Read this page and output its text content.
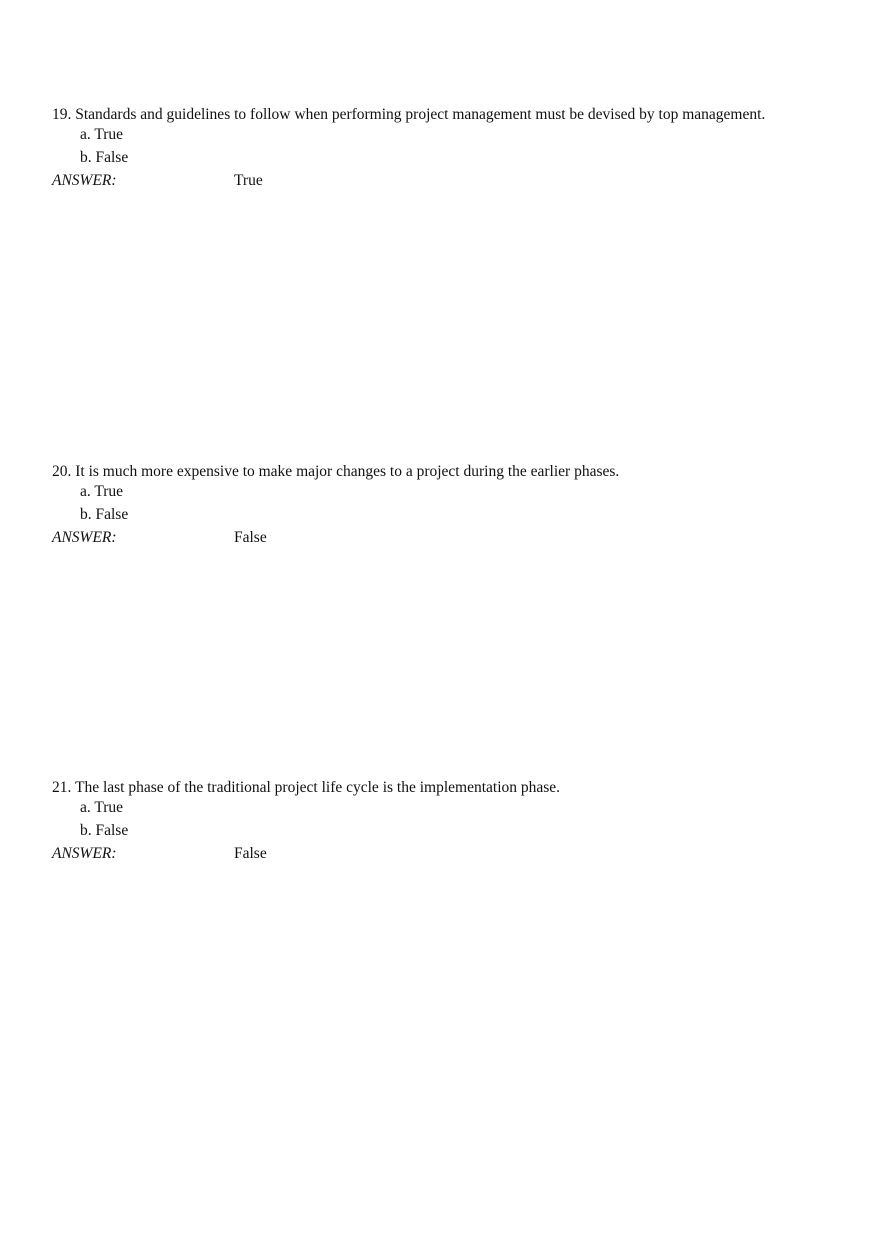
19. Standards and guidelines to follow when performing project management must be devised by top management.
a. True
b. False
ANSWER:	True
20. It is much more expensive to make major changes to a project during the earlier phases.
a. True
b. False
ANSWER:	False
21. The last phase of the traditional project life cycle is the implementation phase.
a. True
b. False
ANSWER:	False
